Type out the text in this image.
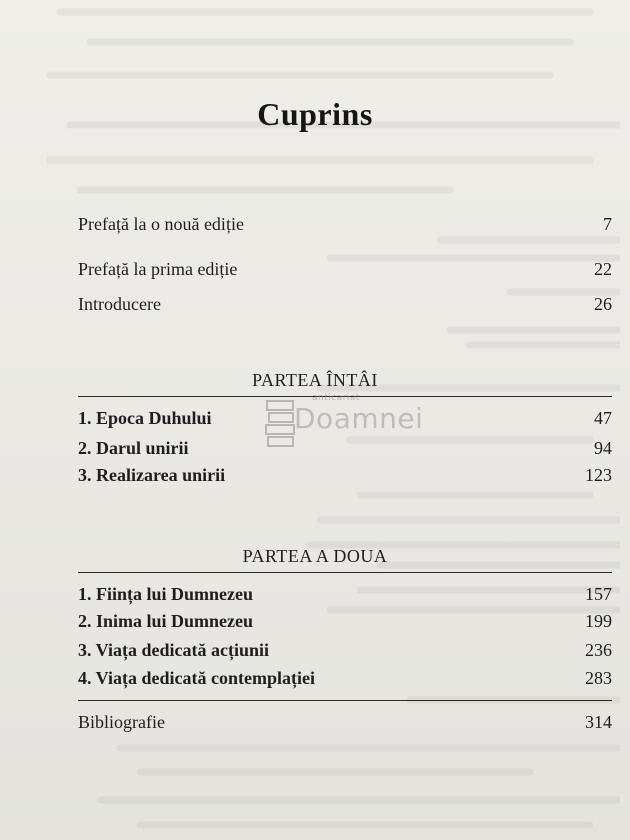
Cuprins
Prefață la o nouă ediție	7
Prefață la prima ediție	22
Introducere	26
PARTEA ÎNTÂI
1. Epoca Duhului	47
2. Darul unirii	94
3. Realizarea unirii	123
PARTEA A DOUA
1. Ființa lui Dumnezeu	157
2. Inima lui Dumnezeu	199
3. Viața dedicată acțiunii	236
4. Viața dedicată contemplației	283
Bibliografie	314
anticariat
Doamnei
